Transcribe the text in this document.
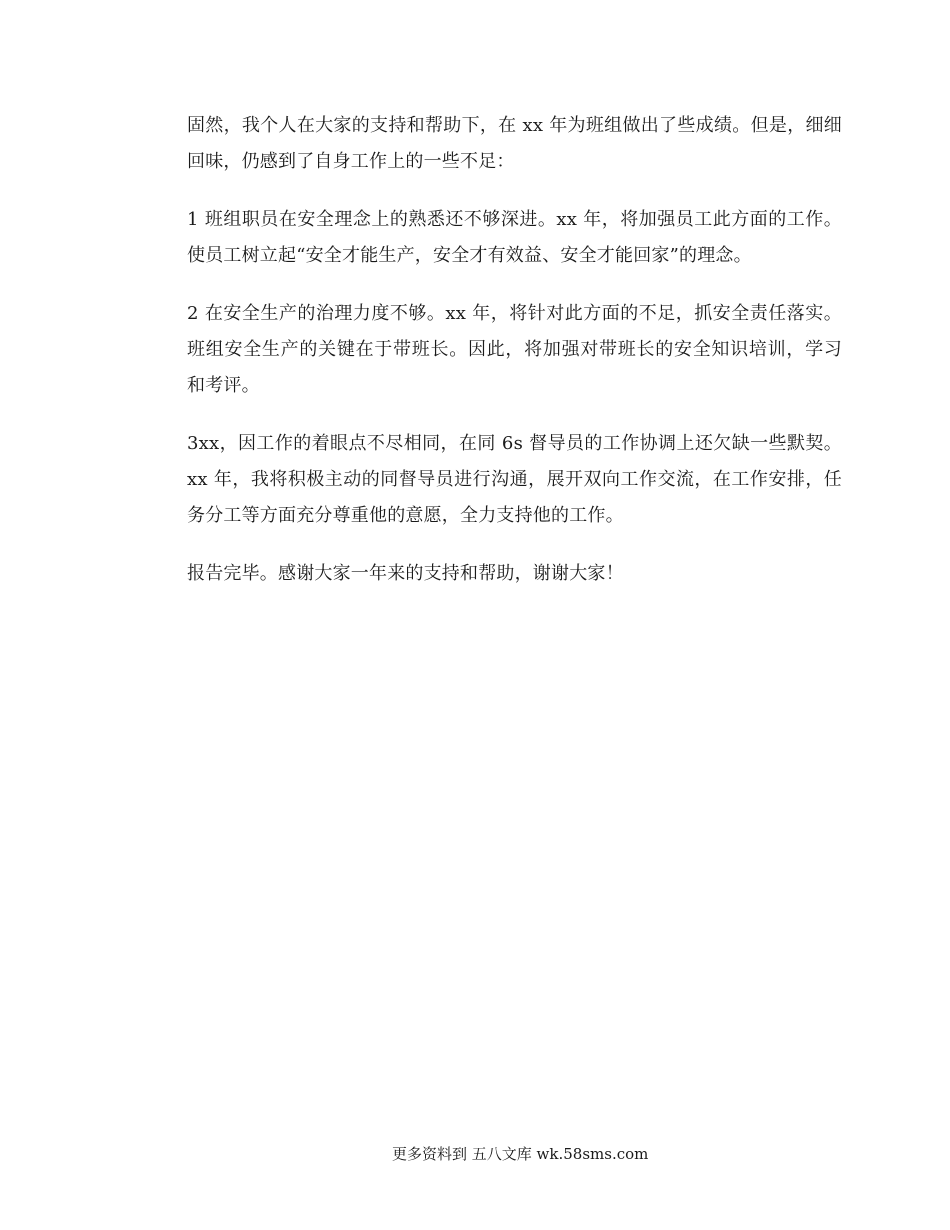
固然，我个人在大家的支持和帮助下，在 xx 年为班组做出了些成绩。但是，细细回味，仍感到了自身工作上的一些不足：

1 班组职员在安全理念上的熟悉还不够深进。xx 年，将加强员工此方面的工作。使员工树立起“安全才能生产，安全才有效益、安全才能回家”的理念。

2 在安全生产的治理力度不够。xx 年，将针对此方面的不足，抓安全责任落实。班组安全生产的关键在于带班长。因此，将加强对带班长的安全知识培训，学习和考评。

3xx，因工作的着眼点不尽相同，在同 6s 督导员的工作协调上还欠缺一些默契。xx 年，我将积极主动的同督导员进行沟通，展开双向工作交流，在工作安排，任务分工等方面充分尊重他的意愿，全力支持他的工作。

报告完毕。感谢大家一年来的支持和帮助，谢谢大家！

更多资料到 五八文库 wk.58sms.com
